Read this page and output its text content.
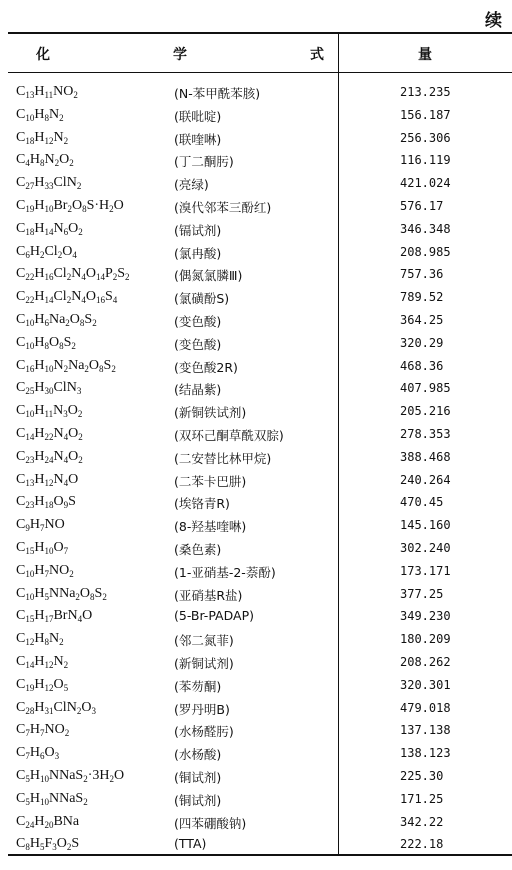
续
化	学	式	量
$C_{13}H_{11}NO_2$	(N-苯甲酰苯胲)	213.235
$C_{10}H_8N_2$	(联吡啶)	156.187
$C_{18}H_{12}N_2$	(联喹啉)	256.306
$C_4H_8N_2O_2$	(丁二酮肟)	116.119
$C_{27}H_{33}ClN_2$	(亮绿)	421.024
$C_{19}H_{10}Br_2O_8S\cdot H_2O$	(溴代邻苯三酚红)	576.17
$C_{18}H_{14}N_6O_2$	(镉试剂)	346.348
$C_6H_2Cl_2O_4$	(氯冉酸)	208.985
$C_{22}H_{16}Cl_2N_4O_{14}P_2S_2$	(偶氮氯膦Ⅲ)	757.36
$C_{22}H_{14}Cl_2N_4O_{16}S_4$	(氯磺酚S)	789.52
$C_{10}H_6Na_2O_8S_2$	(变色酸)	364.25
$C_{10}H_8O_8S_2$	(变色酸)	320.29
$C_{16}H_{10}N_2Na_2O_8S_2$	(变色酸2R)	468.36
$C_{25}H_{30}ClN_3$	(结晶紫)	407.985
$C_{10}H_{11}N_3O_2$	(新铜铁试剂)	205.216
$C_{14}H_{22}N_4O_2$	(双环己酮草酰双腙)	278.353
$C_{23}H_{24}N_4O_2$	(二安替比林甲烷)	388.468
$C_{13}H_{12}N_4O$	(二苯卡巴肼)	240.264
$C_{23}H_{18}O_9S$	(埃铬青R)	470.45
$C_9H_7NO$	(8-羟基喹啉)	145.160
$C_{15}H_{10}O_7$	(桑色素)	302.240
$C_{10}H_7NO_2$	(1-亚硝基-2-萘酚)	173.171
$C_{10}H_5NNa_2O_8S_2$	(亚硝基R盐)	377.25
$C_{15}H_{17}BrN_4O$	(5-Br-PADAP)	349.230
$C_{12}H_8N_2$	(邻二氮菲)	180.209
$C_{14}H_{12}N_2$	(新铜试剂)	208.262
$C_{19}H_{12}O_5$	(苯芴酮)	320.301
$C_{28}H_{31}ClN_2O_3$	(罗丹明B)	479.018
$C_7H_7NO_2$	(水杨醛肟)	137.138
$C_7H_6O_3$	(水杨酸)	138.123
$C_5H_{10}NNaS_2\cdot 3H_2O$	(铜试剂)	225.30
$C_5H_{10}NNaS_2$	(铜试剂)	171.25
$C_{24}H_{20}BNa$	(四苯硼酸钠)	342.22
$C_8H_5F_3O_2S$	(TTA)	222.18
